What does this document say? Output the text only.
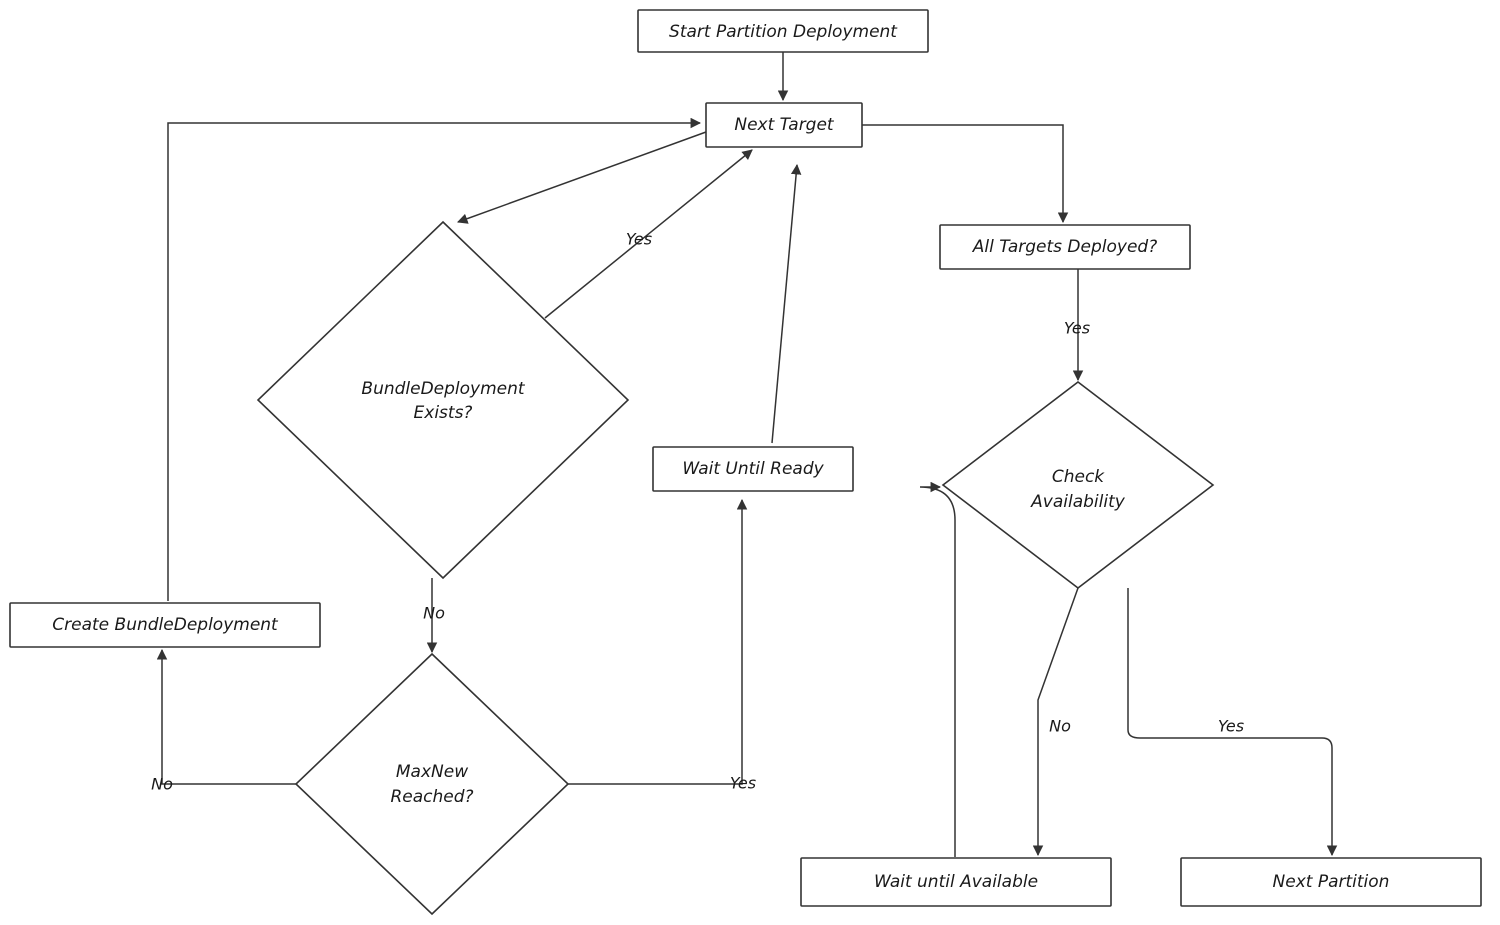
Yes
No
Yes
Yes
No
No	Yes
Start Partition Deployment
Next Target
All Targets Deployed?
BundleDeployment
Exists?
Wait Until Ready	Check
Availability
Create BundleDeployment
MaxNew
Reached?
Wait until Available	Next Partition
